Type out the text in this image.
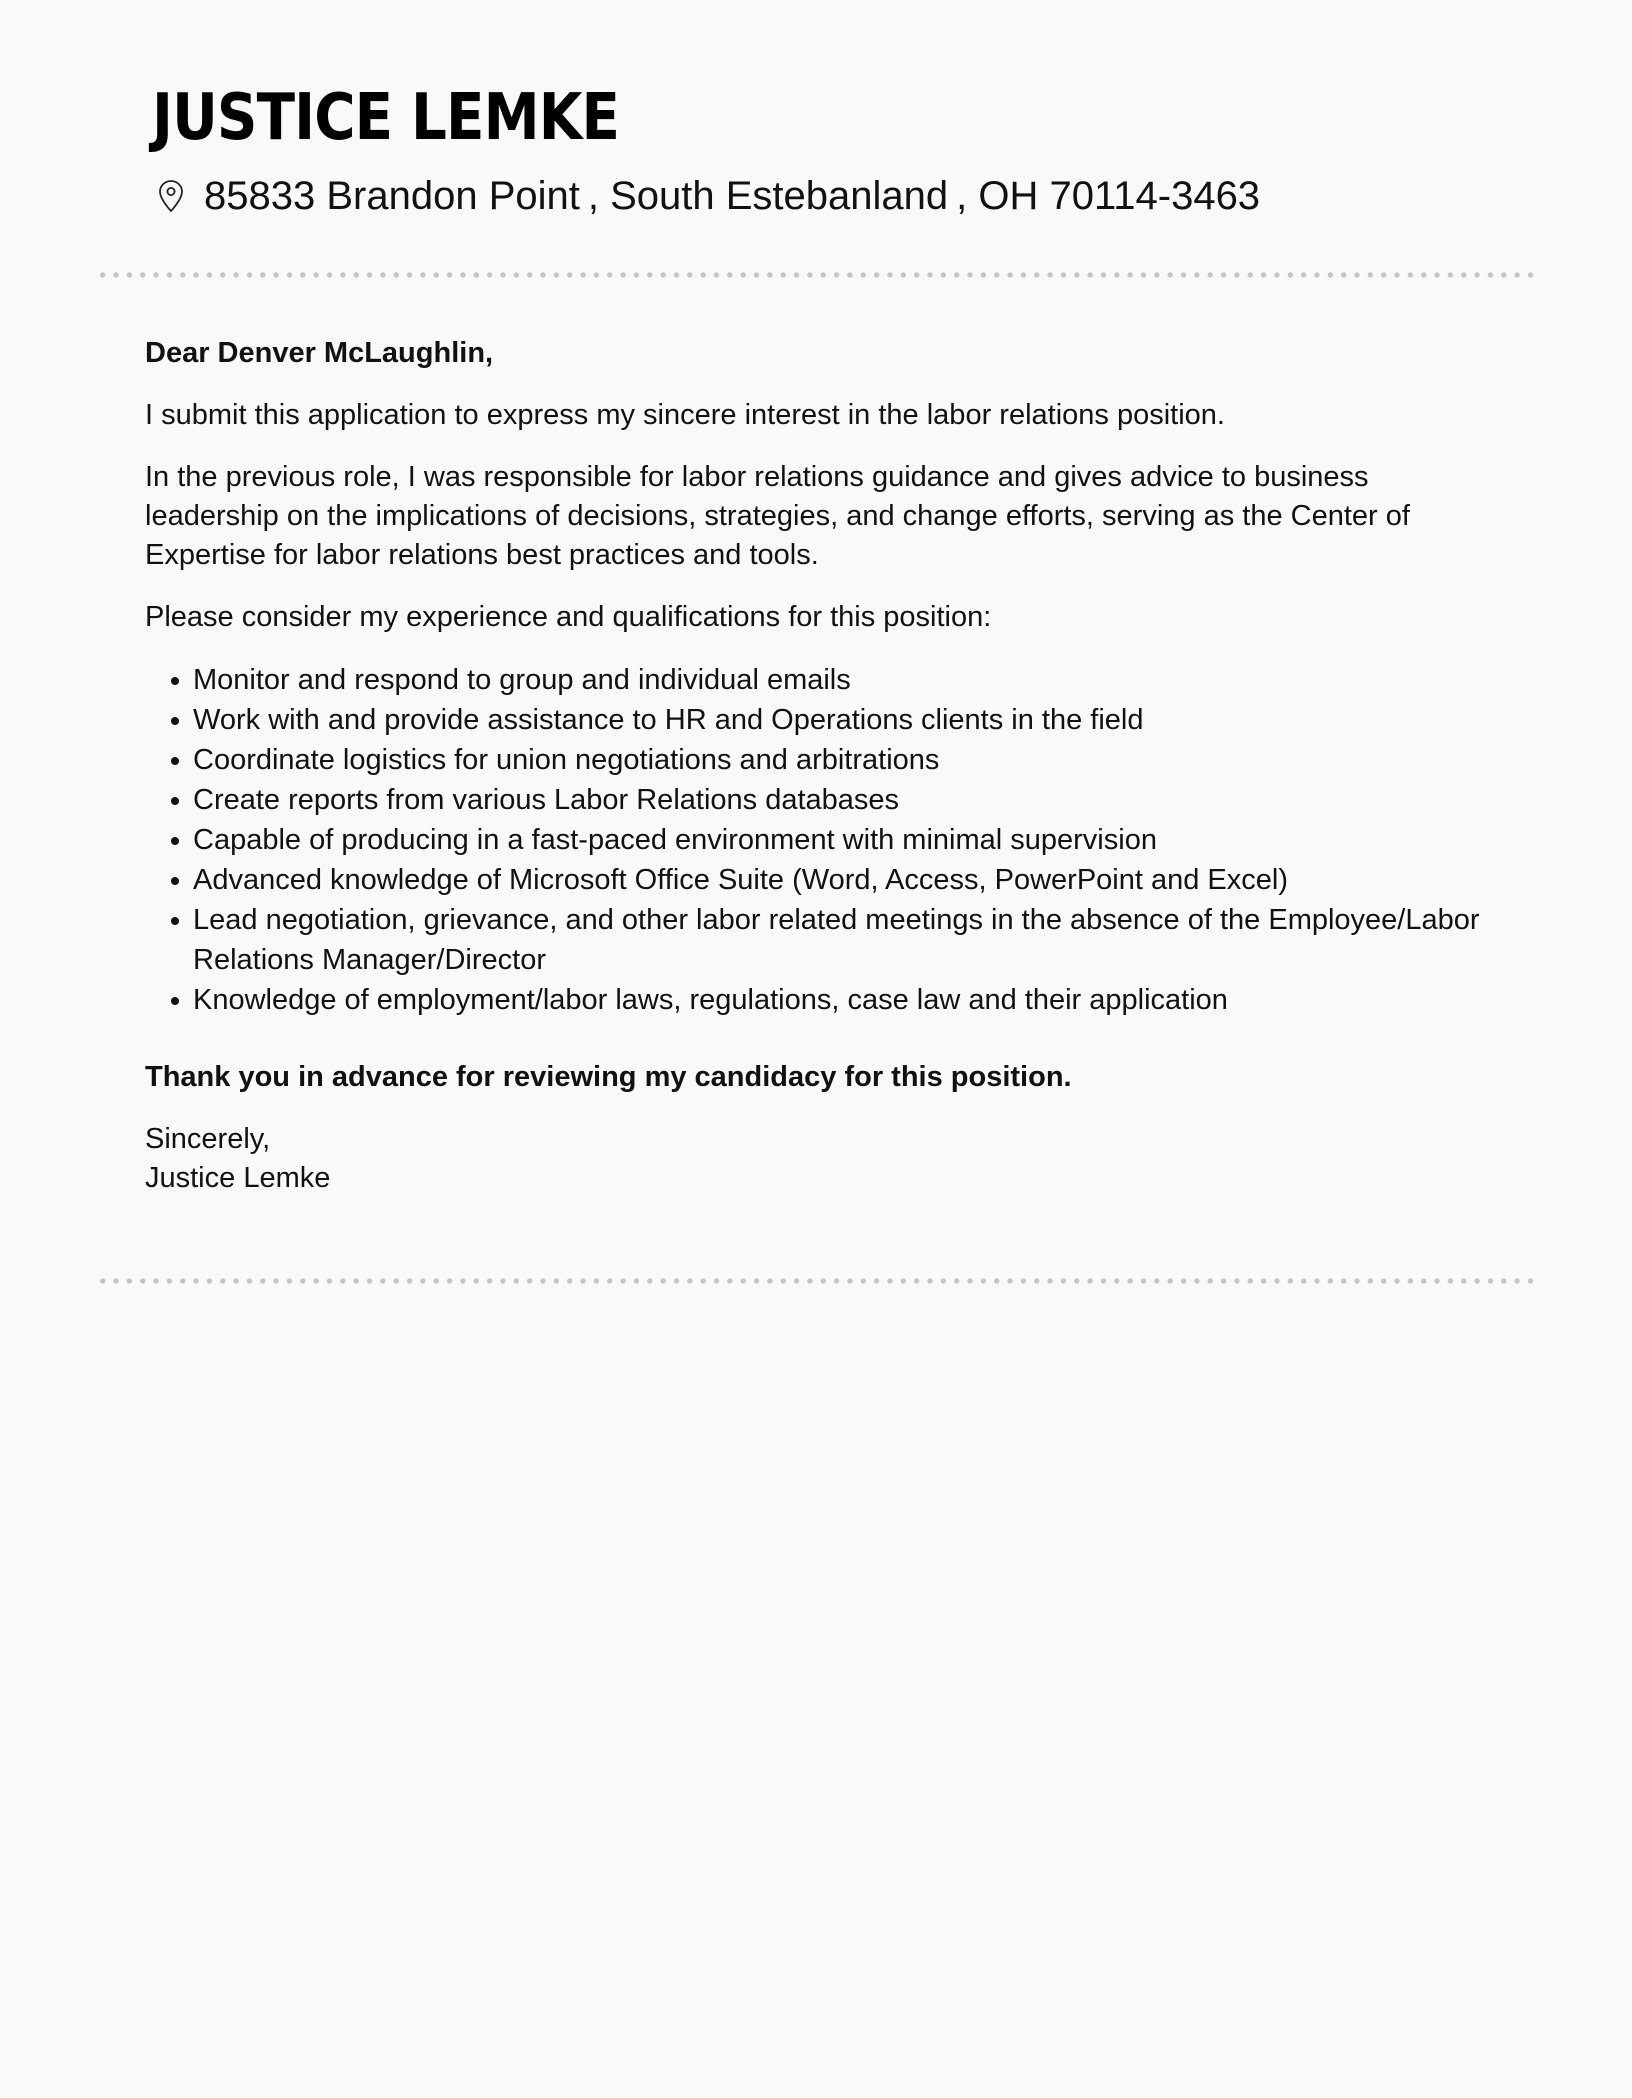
JUSTICE LEMKE
85833 Brandon Point , South Estebanland , OH 70114-3463

Dear Denver McLaughlin,

I submit this application to express my sincere interest in the labor relations position.

In the previous role, I was responsible for labor relations guidance and gives advice to business leadership on the implications of decisions, strategies, and change efforts, serving as the Center of Expertise for labor relations best practices and tools.

Please consider my experience and qualifications for this position:

Monitor and respond to group and individual emails
Work with and provide assistance to HR and Operations clients in the field
Coordinate logistics for union negotiations and arbitrations
Create reports from various Labor Relations databases
Capable of producing in a fast-paced environment with minimal supervision
Advanced knowledge of Microsoft Office Suite (Word, Access, PowerPoint and Excel)
Lead negotiation, grievance, and other labor related meetings in the absence of the Employee/Labor Relations Manager/Director
Knowledge of employment/labor laws, regulations, case law and their application

Thank you in advance for reviewing my candidacy for this position.

Sincerely,
Justice Lemke
